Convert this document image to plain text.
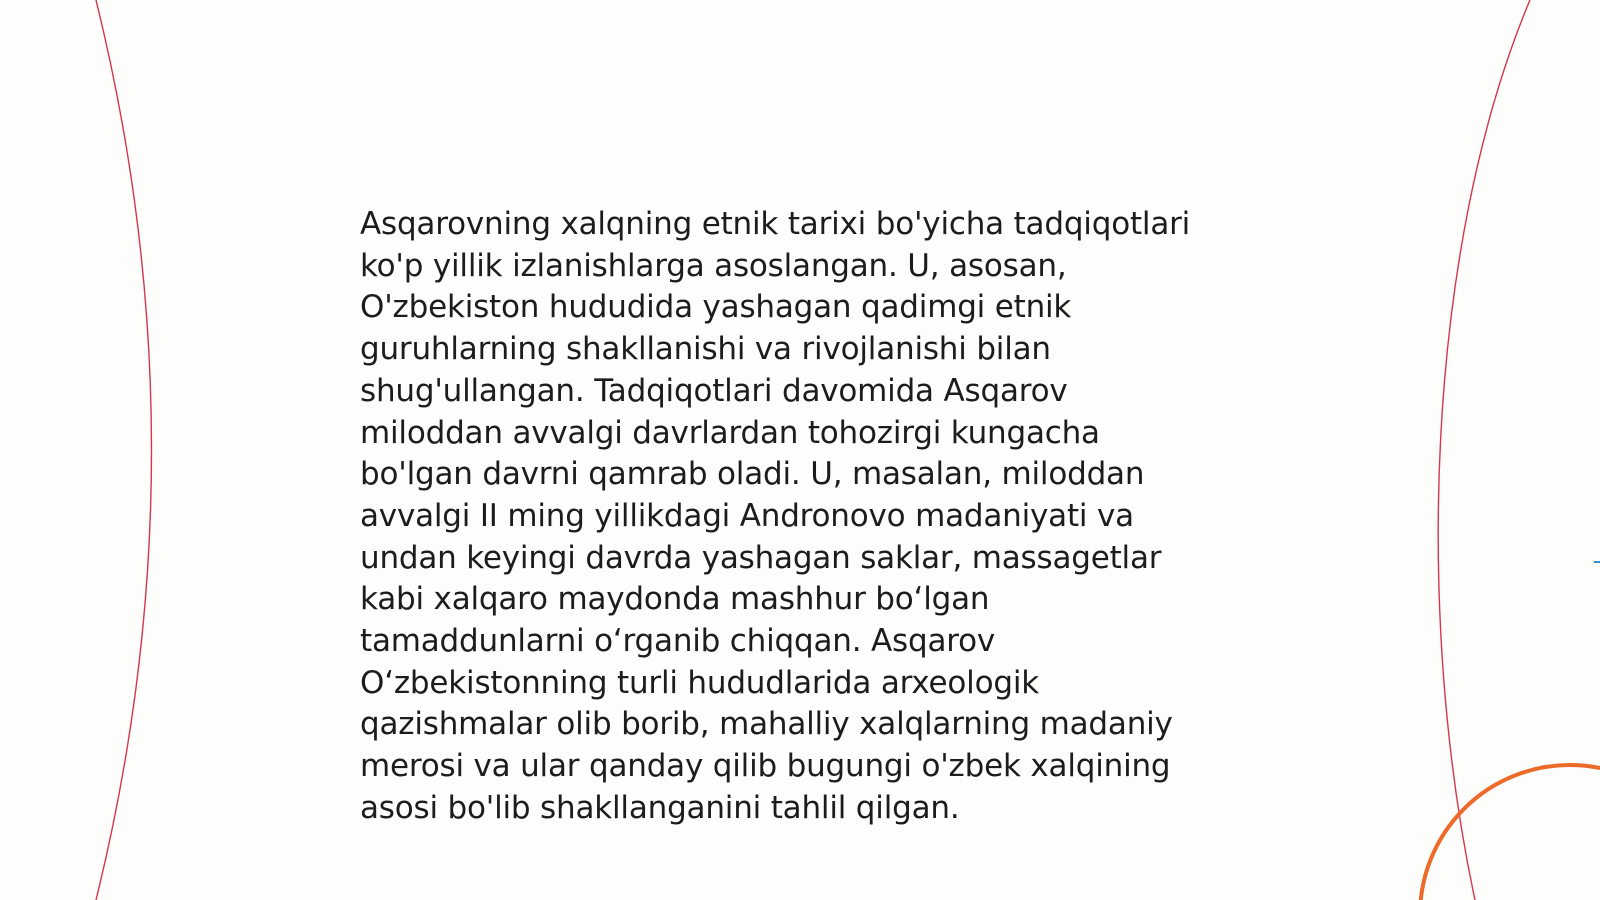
Asqarovning xalqning etnik tarixi bo'yicha tadqiqotlari
ko'p yillik izlanishlarga asoslangan. U, asosan,
O'zbekiston hududida yashagan qadimgi etnik
guruhlarning shakllanishi va rivojlanishi bilan
shug'ullangan. Tadqiqotlari davomida Asqarov
miloddan avvalgi davrlardan tohozirgi kungacha
bo'lgan davrni qamrab oladi. U, masalan, miloddan
avvalgi II ming yillikdagi Andronovo madaniyati va
undan keyingi davrda yashagan saklar, massagetlar
kabi xalqaro maydonda mashhur boʻlgan
tamaddunlarni oʻrganib chiqqan. Asqarov
Oʻzbekistonning turli hududlarida arxeologik
qazishmalar olib borib, mahalliy xalqlarning madaniy
merosi va ular qanday qilib bugungi o'zbek xalqining
asosi bo'lib shakllanganini tahlil qilgan.
